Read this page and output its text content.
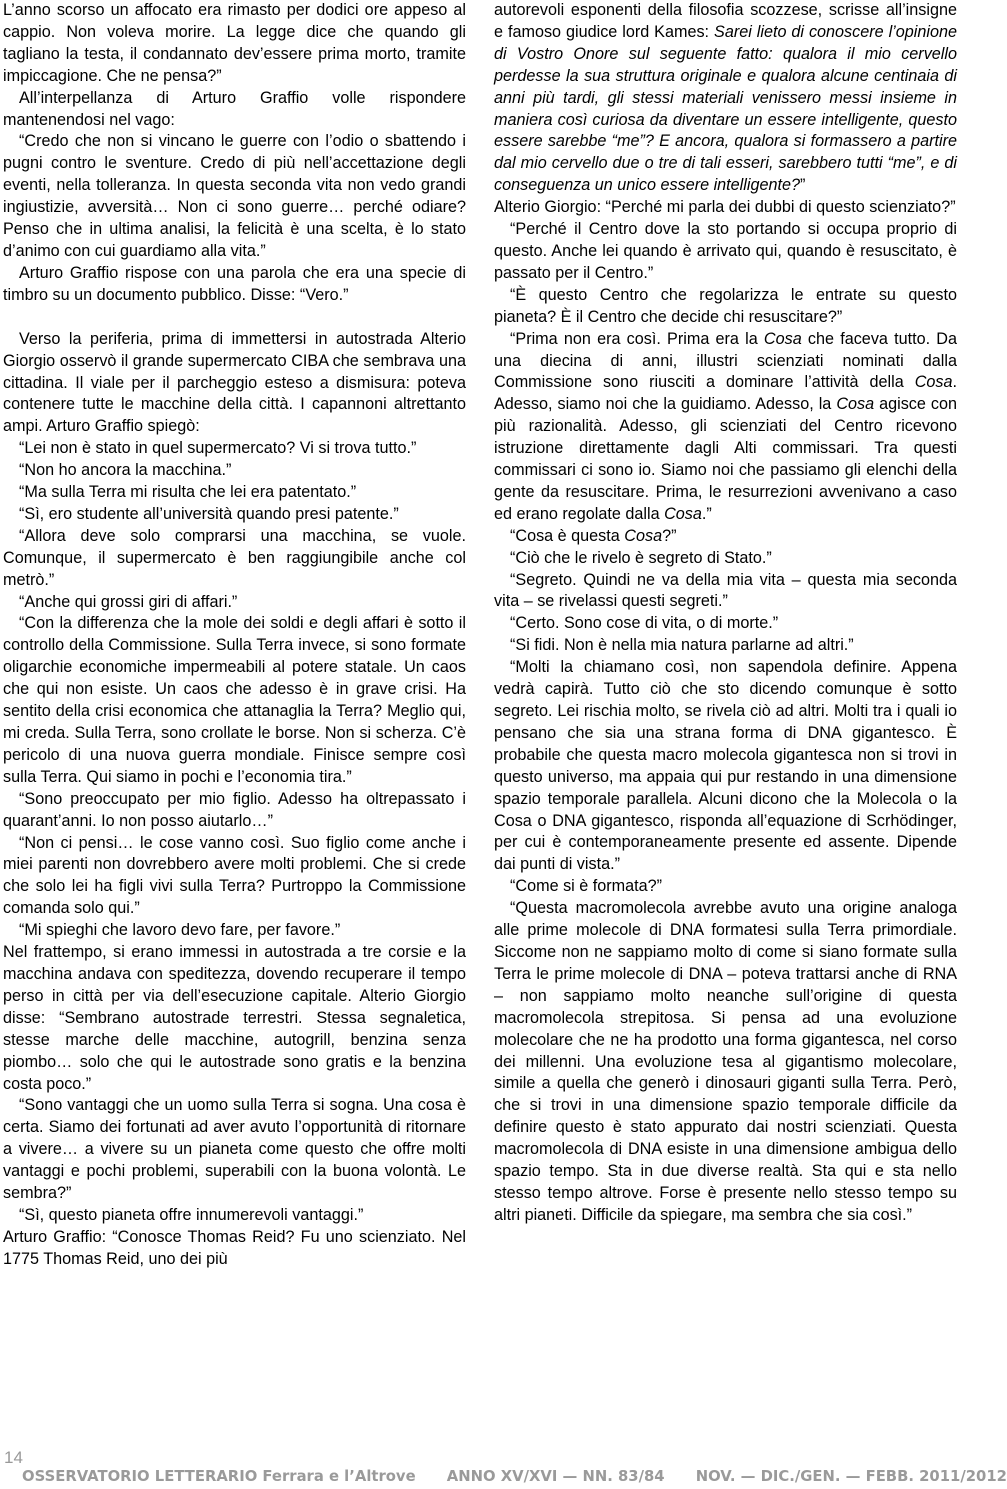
L’anno scorso un affocato era rimasto per dodici ore appeso al cappio. Non voleva morire. La legge dice che quando gli tagliano la testa, il condannato dev’essere prima morto, tramite impiccagione. Che ne pensa?”

All’interpellanza di Arturo Graffio volle rispondere mantenendosi nel vago:

“Credo che non si vincano le guerre con l’odio o sbattendo i pugni contro le sventure. Credo di più nell’accettazione degli eventi, nella tolleranza. In questa seconda vita non vedo grandi ingiustizie, avversità… Non ci sono guerre… perché odiare? Penso che in ultima analisi, la felicità è una scelta, è lo stato d’animo con cui guardiamo alla vita.”

Arturo Graffio rispose con una parola che era una specie di timbro su un documento pubblico. Disse: “Vero.”

Verso la periferia, prima di immettersi in autostrada Alterio Giorgio osservò il grande supermercato CIBA che sembrava una cittadina. Il viale per il parcheggio esteso a dismisura: poteva contenere tutte le macchine della città. I capannoni altrettanto ampi. Arturo Graffio spiegò:

“Lei non è stato in quel supermercato? Vi si trova tutto.”

“Non ho ancora la macchina.”

“Ma sulla Terra mi risulta che lei era patentato.”

“Sì, ero studente all’università quando presi patente.”

“Allora deve solo comprarsi una macchina, se vuole. Comunque, il supermercato è ben raggiungibile anche col metrò.”

“Anche qui grossi giri di affari.”

“Con la differenza che la mole dei soldi e degli affari è sotto il controllo della Commissione. Sulla Terra invece, si sono formate oligarchie economiche impermeabili al potere statale. Un caos che qui non esiste. Un caos che adesso è in grave crisi. Ha sentito della crisi economica che attanaglia la Terra? Meglio qui, mi creda. Sulla Terra, sono crollate le borse. Non si scherza. C’è pericolo di una nuova guerra mondiale. Finisce sempre così sulla Terra. Qui siamo in pochi e l’economia tira.”

“Sono preoccupato per mio figlio. Adesso ha oltrepassato i quarant’anni. Io non posso aiutarlo…”

“Non ci pensi… le cose vanno così. Suo figlio come anche i miei parenti non dovrebbero avere molti problemi. Che si crede che solo lei ha figli vivi sulla Terra? Purtroppo la Commissione comanda solo qui.”

“Mi spieghi che lavoro devo fare, per favore.”

Nel frattempo, si erano immessi in autostrada a tre corsie e la macchina andava con speditezza, dovendo recuperare il tempo perso in città per via dell’esecuzione capitale. Alterio Giorgio disse: “Sembrano autostrade terrestri. Stessa segnaletica, stesse marche delle macchine, autogrill, benzina senza piombo… solo che qui le autostrade sono gratis e la benzina costa poco.”

“Sono vantaggi che un uomo sulla Terra si sogna. Una cosa è certa. Siamo dei fortunati ad aver avuto l’opportunità di ritornare a vivere… a vivere su un pianeta come questo che offre molti vantaggi e pochi problemi, superabili con la buona volontà. Le sembra?”

“Sì, questo pianeta offre innumerevoli vantaggi.”

Arturo Graffio: “Conosce Thomas Reid? Fu uno scienziato. Nel 1775 Thomas Reid, uno dei più

autorevoli esponenti della filosofia scozzese, scrisse all’insigne e famoso giudice lord Kames: Sarei lieto di conoscere l’opinione di Vostro Onore sul seguente fatto: qualora il mio cervello perdesse la sua struttura originale e qualora alcune centinaia di anni più tardi, gli stessi materiali venissero messi insieme in maniera così curiosa da diventare un essere intelligente, questo essere sarebbe “me”? E ancora, qualora si formassero a partire dal mio cervello due o tre di tali esseri, sarebbero tutti “me”, e di conseguenza un unico essere intelligente?”

Alterio Giorgio: “Perché mi parla dei dubbi di questo scienziato?”

“Perché il Centro dove la sto portando si occupa proprio di questo. Anche lei quando è arrivato qui, quando è resuscitato, è passato per il Centro.”

“È questo Centro che regolarizza le entrate su questo pianeta? È il Centro che decide chi resuscitare?”

“Prima non era così. Prima era la Cosa che faceva tutto. Da una diecina di anni, illustri scienziati nominati dalla Commissione sono riusciti a dominare l’attività della Cosa. Adesso, siamo noi che la guidiamo. Adesso, la Cosa agisce con più razionalità. Adesso, gli scienziati del Centro ricevono istruzione direttamente dagli Alti commissari. Tra questi commissari ci sono io. Siamo noi che passiamo gli elenchi della gente da resuscitare. Prima, le resurrezioni avvenivano a caso ed erano regolate dalla Cosa.”

“Cosa è questa Cosa?”

“Ciò che le rivelo è segreto di Stato.”

“Segreto. Quindi ne va della mia vita – questa mia seconda vita – se rivelassi questi segreti.”

“Certo. Sono cose di vita, o di morte.”

“Si fidi. Non è nella mia natura parlarne ad altri.”

“Molti la chiamano così, non sapendola definire. Appena vedrà capirà. Tutto ciò che sto dicendo comunque è sotto segreto. Lei rischia molto, se rivela ciò ad altri. Molti tra i quali io pensano che sia una strana forma di DNA gigantesco. È probabile che questa macro molecola gigantesca non si trovi in questo universo, ma appaia qui pur restando in una dimensione spazio temporale parallela. Alcuni dicono che la Molecola o la Cosa o DNA gigantesco, risponda all’equazione di Scrhödinger, per cui è contemporaneamente presente ed assente. Dipende dai punti di vista.”

“Come si è formata?”

“Questa macromolecola avrebbe avuto una origine analoga alle prime molecole di DNA formatesi sulla Terra primordiale. Siccome non ne sappiamo molto di come si siano formate sulla Terra le prime molecole di DNA – poteva trattarsi anche di RNA – non sappiamo molto neanche sull’origine di questa macromolecola strepitosa. Si pensa ad una evoluzione molecolare che ne ha prodotto una forma gigantesca, nel corso dei millenni. Una evoluzione tesa al gigantismo molecolare, simile a quella che generò i dinosauri giganti sulla Terra. Però, che si trovi in una dimensione spazio temporale difficile da definire questo è stato appurato dai nostri scienziati. Questa macromolecola di DNA esiste in una dimensione ambigua dello spazio tempo. Sta in due diverse realtà. Sta qui e sta nello stesso tempo altrove. Forse è presente nello stesso tempo su altri pianeti. Difficile da spiegare, ma sembra che sia così.”

14
OSSERVATORIO LETTERARIO Ferrara e l’Altrove ANNO XV/XVI — NN. 83/84 NOV. — DIC./GEN. — FEBB. 2011/2012
